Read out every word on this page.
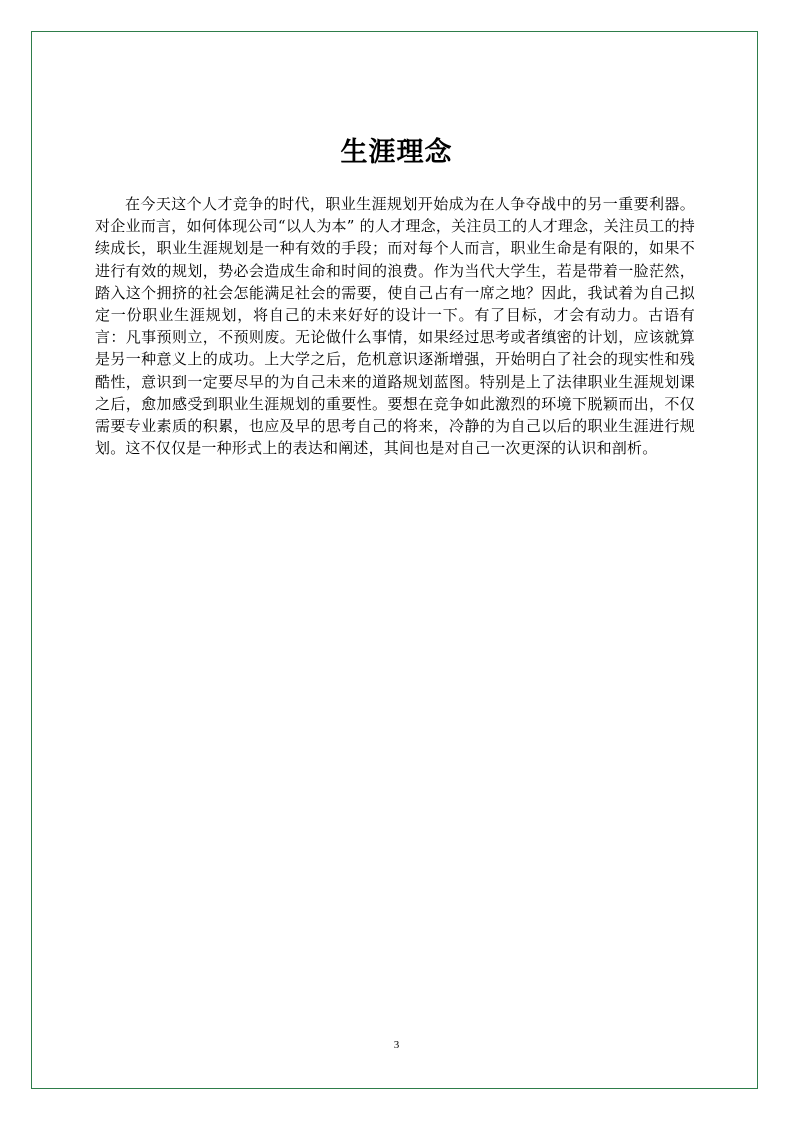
生涯理念

在今天这个人才竞争的时代，职业生涯规划开始成为在人争夺战中的另一重要利器。对企业而言，如何体现公司“以人为本” 的人才理念，关注员工的人才理念，关注员工的持续成长，职业生涯规划是一种有效的手段；而对每个人而言，职业生命是有限的，如果不进行有效的规划，势必会造成生命和时间的浪费。作为当代大学生，若是带着一脸茫然，踏入这个拥挤的社会怎能满足社会的需要，使自己占有一席之地？因此，我试着为自己拟定一份职业生涯规划，将自己的未来好好的设计一下。有了目标，才会有动力。古语有言：凡事预则立，不预则废。无论做什么事情，如果经过思考或者缜密的计划，应该就算是另一种意义上的成功。上大学之后，危机意识逐渐增强，开始明白了社会的现实性和残酷性，意识到一定要尽早的为自己未来的道路规划蓝图。特别是上了法律职业生涯规划课之后，愈加感受到职业生涯规划的重要性。要想在竞争如此激烈的环境下脱颖而出，不仅需要专业素质的积累，也应及早的思考自己的将来，冷静的为自己以后的职业生涯进行规划。这不仅仅是一种形式上的表达和阐述，其间也是对自己一次更深的认识和剖析。

3
